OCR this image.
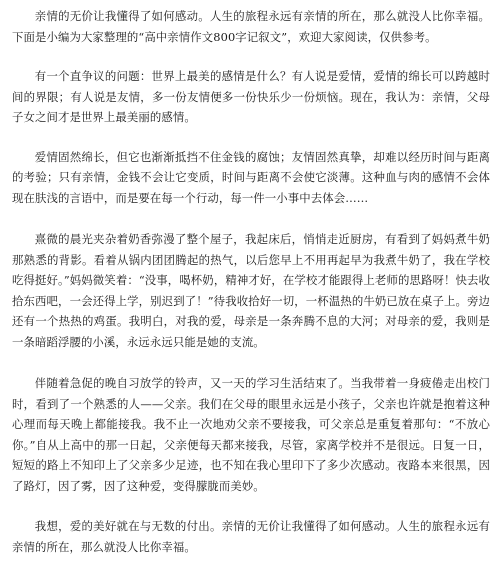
亲情的无价让我懂得了如何感动。人生的旅程永远有亲情的所在，那么就没人比你幸福。下面是小编为大家整理的“高中亲情作文800字记叙文”，欢迎大家阅读，仅供参考。

有一个直争议的问题：世界上最美的感情是什么？有人说是爱情，爱情的绵长可以跨越时间的界限；有人说是友情，多一份友情便多一份快乐少一份烦恼。现在，我认为：亲情，父母子女之间才是世界上最美丽的感情。

爱情固然绵长，但它也渐渐抵挡不住金钱的腐蚀；友情固然真挚，却难以经历时间与距离的考验；只有亲情，金钱不会让它变质，时间与距离不会使它淡薄。这种血与肉的感情不会体现在肤浅的言语中，而是要在每一个行动，每一件一小事中去体会……

熹微的晨光夹杂着奶香弥漫了整个屋子，我起床后，悄悄走近厨房，有看到了妈妈煮牛奶那熟悉的背影。看着从锅内团团腾起的热气，以后您早上不用再起早为我煮牛奶了，我在学校吃得挺好。”妈妈微笑着：“没事，喝杯奶，精神才好，在学校才能跟得上老师的思路呀！快去收拾东西吧，一会还得上学，别迟到了！”待我收拾好一切，一杯温热的牛奶已放在桌子上。旁边还有一个热热的鸡蛋。我明白，对我的爱，母亲是一条奔腾不息的大河；对母亲的爱，我则是一条暗蹈浮腰的小溪，永远永远只能是她的支流。

伴随着急促的晚自习放学的铃声，又一天的学习生活结束了。当我带着一身疲倦走出校门时，看到了一个熟悉的人——父亲。我们在父母的眼里永远是小孩子，父亲也许就是抱着这种心理而每天晚上都能接我。我不止一次地劝父亲不要接我，可父亲总是重复着那句：“不放心你。”自从上高中的那一日起，父亲便每天都来接我，尽管，家离学校并不是很远。日复一日，短短的路上不知印上了父亲多少足迹，也不知在我心里印下了多少次感动。夜路本来很黑，因了路灯，因了雾，因了这种爱，变得朦胧而美妙。

我想，爱的美好就在与无数的付出。亲情的无价让我懂得了如何感动。人生的旅程永远有亲情的所在，那么就没人比你幸福。
